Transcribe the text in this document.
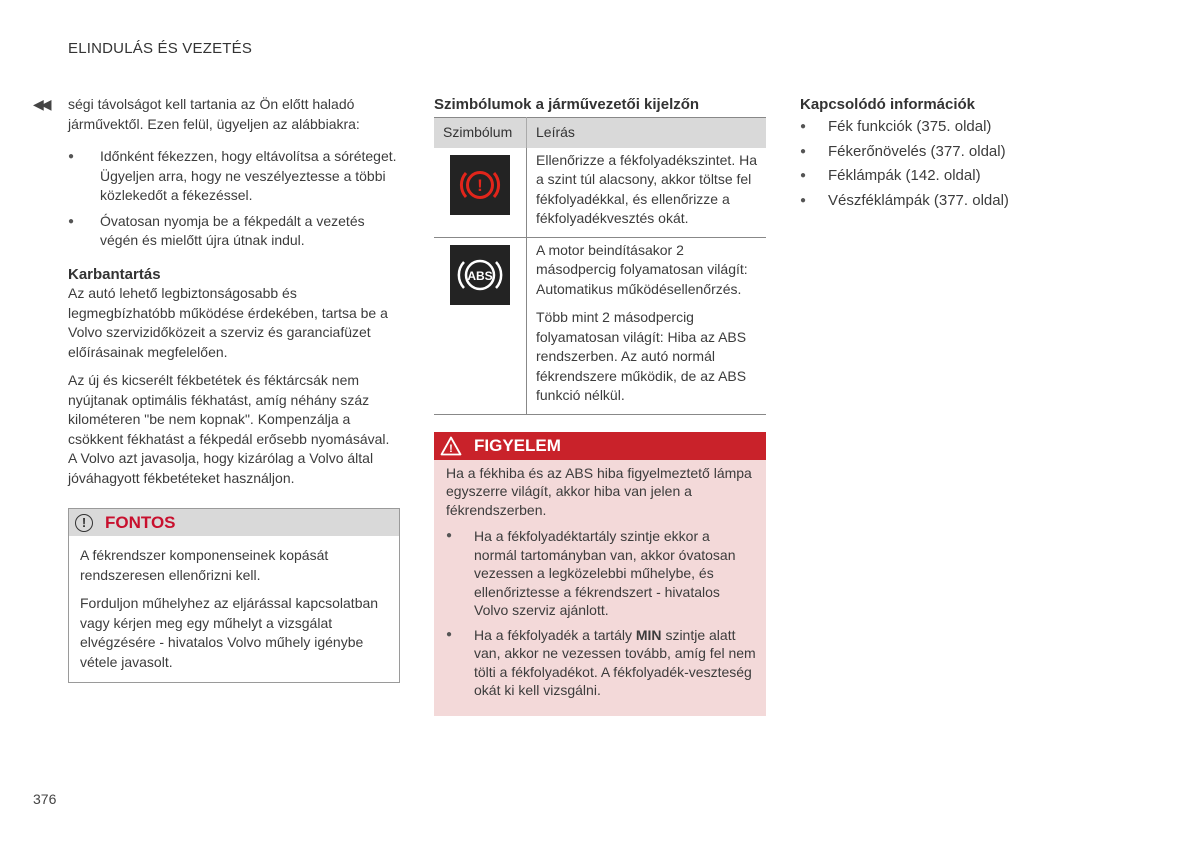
ELINDULÁS ÉS VEZETÉS
◀◀ ségi távolságot kell tartania az Ön előtt haladó járművektől. Ezen felül, ügyeljen az alábbiakra:

● Időnként fékezzen, hogy eltávolítsa a sóréteget. Ügyeljen arra, hogy ne veszélyeztesse a többi közlekedőt a fékezéssel.
● Óvatosan nyomja be a fékpedált a vezetés végén és mielőtt újra útnak indul.
Karbantartás

Az autó lehető legbiztonságosabb és legmegbízhatóbb működése érdekében, tartsa be a Volvo szervizidőközeit a szerviz és garanciafüzet előírásainak megfelelően.

Az új és kicserélt fékbetétek és féktárcsák nem nyújtanak optimális fékhatást, amíg néhány száz kilométeren "be nem kopnak". Kompenzálja a csökkent fékhatást a fékpedál erősebb nyomásával. A Volvo azt javasolja, hogy kizárólag a Volvo által jóváhagyott fékbetéteket használjon.

!	FONTOS

A fékrendszer komponenseinek kopását rendszeresen ellenőrizni kell.

Forduljon műhelyhez az eljárással kapcsolatban vagy kérjen meg egy műhelyt a vizsgálat elvégzésére - hivatalos Volvo műhely igénybe vétele javasolt.

Szimbólumok a járművezetői kijelzőn
Szimbólum	Leírás

!	Ellenőrizze a fékfolyadékszintet. Ha a szint túl alacsony, akkor töltse fel fékfolyadékkal, és ellenőrizze a fékfolyadékvesztés okát.

ABS	A motor beindításakor 2 másodpercig folyamatosan világít: Automatikus működésellenőrzés.

Több mint 2 másodpercig folyamatosan világít: Hiba az ABS rendszerben. Az autó normál fékrendszere működik, de az ABS funkció nélkül.

! FIGYELEM

Ha a fékhiba és az ABS hiba figyelmeztető lámpa egyszerre világít, akkor hiba van jelen a fékrendszerben.

● Ha a fékfolyadéktartály szintje ekkor a normál tartományban van, akkor óvatosan vezessen a legközelebbi műhelybe, és ellenőriztesse a fékrendszert - hivatalos Volvo szerviz ajánlott.
● Ha a fékfolyadék a tartály MIN szintje alatt van, akkor ne vezessen tovább, amíg fel nem tölti a fékfolyadékot. A fékfolyadék-veszteség okát ki kell vizsgálni.
Kapcsolódó információk
● Fék funkciók (375. oldal)
● Fékerőnövelés (377. oldal)
● Féklámpák (142. oldal)
● Vészféklámpák (377. oldal)
376
